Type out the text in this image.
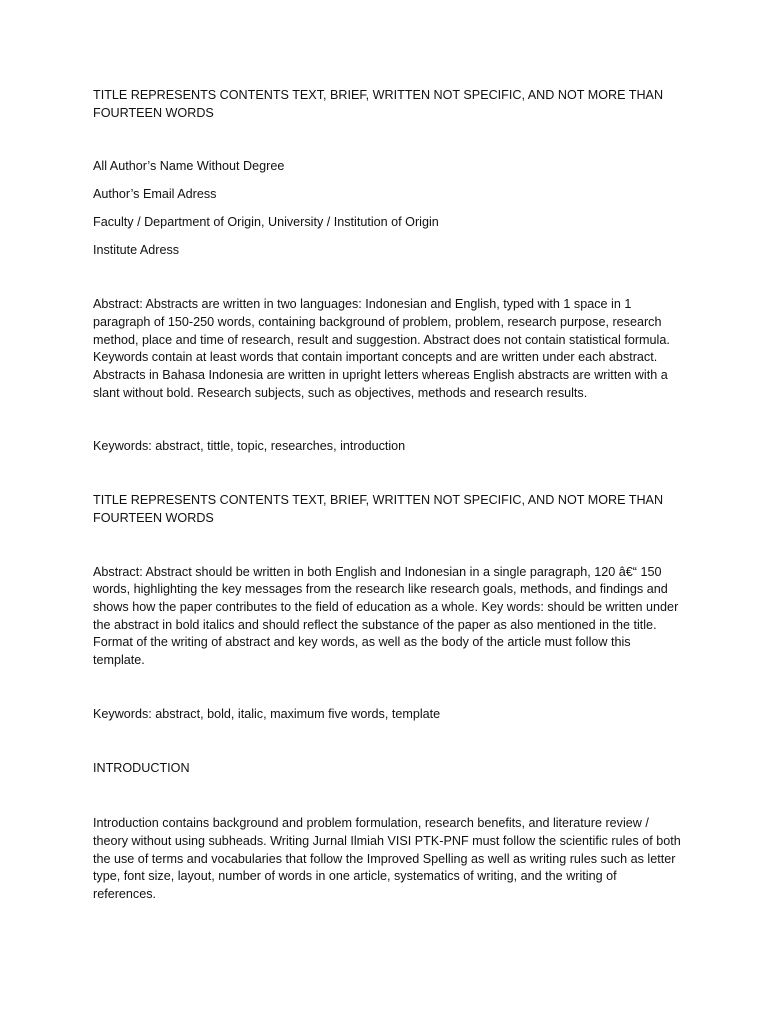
TITLE REPRESENTS CONTENTS TEXT, BRIEF, WRITTEN NOT SPECIFIC, AND NOT MORE THAN FOURTEEN WORDS

All Author’s Name Without Degree

Author’s Email Adress

Faculty / Department of Origin, University / Institution of Origin

Institute Adress

Abstract: Abstracts are written in two languages: Indonesian and English, typed with 1 space in 1 paragraph of 150-250 words, containing background of problem, problem, research purpose, research method, place and time of research, result and suggestion. Abstract does not contain statistical formula. Keywords contain at least words that contain important concepts and are written under each abstract. Abstracts in Bahasa Indonesia are written in upright letters whereas English abstracts are written with a slant without bold. Research subjects, such as objectives, methods and research results.

Keywords: abstract, tittle, topic, researches, introduction

TITLE REPRESENTS CONTENTS TEXT, BRIEF, WRITTEN NOT SPECIFIC, AND NOT MORE THAN FOURTEEN WORDS

Abstract: Abstract should be written in both English and Indonesian in a single paragraph, 120 â€“ 150 words, highlighting the key messages from the research like research goals, methods, and findings and shows how the paper contributes to the field of education as a whole. Key words: should be written under the abstract in bold italics and should reflect the substance of the paper as also mentioned in the title. Format of the writing of abstract and key words, as well as the body of the article must follow this template.

Keywords: abstract, bold, italic, maximum five words, template

INTRODUCTION

Introduction contains background and problem formulation, research benefits, and literature review / theory without using subheads. Writing Jurnal Ilmiah VISI PTK-PNF must follow the scientific rules of both the use of terms and vocabularies that follow the Improved Spelling as well as writing rules such as letter type, font size, layout, number of words in one article, systematics of writing, and the writing of references.
